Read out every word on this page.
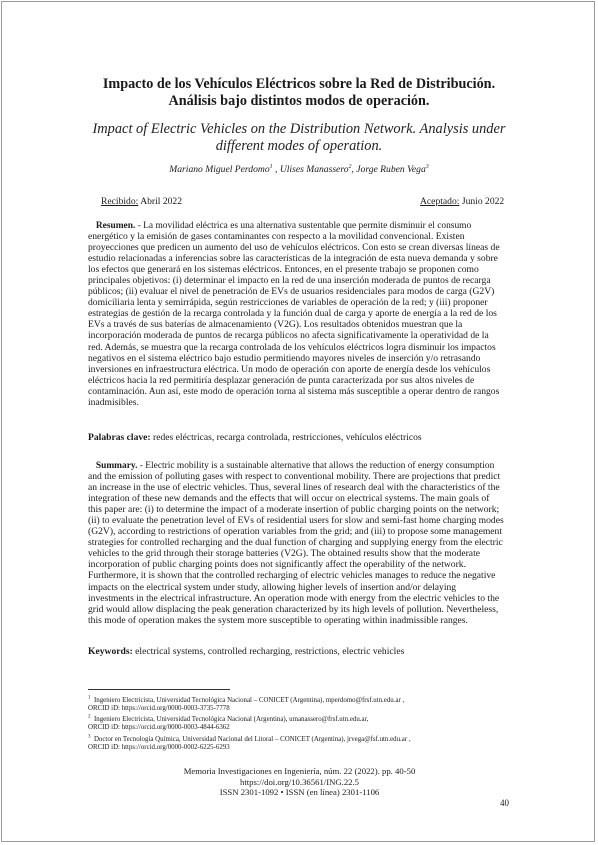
Impacto de los Vehículos Eléctricos sobre la Red de Distribución.
Análisis bajo distintos modos de operación.
Impact of Electric Vehicles on the Distribution Network. Analysis under
different modes of operation.
Mariano Miguel Perdomo$^1$ , Ulises Manassero$^2$, Jorge Ruben Vega$^3$
Recibido: Abril 2022	Aceptado: Junio 2022
Resumen. - La movilidad eléctrica es una alternativa sustentable que permite disminuir el consumo
energético y la emisión de gases contaminantes con respecto a la movilidad convencional. Existen
proyecciones que predicen un aumento del uso de vehículos eléctricos. Con esto se crean diversas líneas de
estudio relacionadas a inferencias sobre las características de la integración de esta nueva demanda y sobre
los efectos que generará en los sistemas eléctricos. Entonces, en el presente trabajo se proponen como
principales objetivos: (i) determinar el impacto en la red de una inserción moderada de puntos de recarga
públicos; (ii) evaluar el nivel de penetración de EVs de usuarios residenciales para modos de carga (G2V)
domiciliaria lenta y semirrápida, según restricciones de variables de operación de la red; y (iii) proponer
estrategias de gestión de la recarga controlada y la función dual de carga y aporte de energía a la red de los
EVs a través de sus baterías de almacenamiento (V2G). Los resultados obtenidos muestran que la
incorporación moderada de puntos de recarga públicos no afecta significativamente la operatividad de la
red. Además, se muestra que la recarga controlada de los vehículos eléctricos logra disminuir los impactos
negativos en el sistema eléctrico bajo estudio permitiendo mayores niveles de inserción y/o retrasando
inversiones en infraestructura eléctrica. Un modo de operación con aporte de energía desde los vehículos
eléctricos hacia la red permitiría desplazar generación de punta caracterizada por sus altos niveles de
contaminación. Aun así, este modo de operación torna al sistema más susceptible a operar dentro de rangos
inadmisibles.
Palabras clave: redes eléctricas, recarga controlada, restricciones, vehículos eléctricos
Summary. - Electric mobility is a sustainable alternative that allows the reduction of energy consumption
and the emission of polluting gases with respect to conventional mobility. There are projections that predict
an increase in the use of electric vehicles. Thus, several lines of research deal with the characteristics of the
integration of these new demands and the effects that will occur on electrical systems. The main goals of
this paper are: (i) to determine the impact of a moderate insertion of public charging points on the network;
(ii) to evaluate the penetration level of EVs of residential users for slow and semi-fast home charging modes
(G2V), according to restrictions of operation variables from the grid; and (iii) to propose some management
strategies for controlled recharging and the dual function of charging and supplying energy from the electric
vehicles to the grid through their storage batteries (V2G). The obtained results show that the moderate
incorporation of public charging points does not significantly affect the operability of the network.
Furthermore, it is shown that the controlled recharging of electric vehicles manages to reduce the negative
impacts on the electrical system under study, allowing higher levels of insertion and/or delaying
investments in the electrical infrastructure. An operation mode with energy from the electric vehicles to the
grid would allow displacing the peak generation characterized by its high levels of pollution. Nevertheless,
this mode of operation makes the system more susceptible to operating within inadmissible ranges.
Keywords: electrical systems, controlled recharging, restrictions, electric vehicles
$^1$ Ingeniero Electricista, Universidad Tecnológica Nacional – CONICET (Argentina), mperdomo@frsf.utn.edu.ar ,
ORCID iD: https://orcid.org/0000-0003-3735-7778
$^2$ Ingeniero Electricista, Universidad Tecnológica Nacional (Argentina), umanassero@frsf.utn.edu.ar,
ORCID iD: https://orcid.org/0000-0003-4844-6362
$^3$ Doctor en Tecnología Química, Universidad Nacional del Litoral – CONICET (Argentina), jrvega@fsf.utn.edu.ar ,
ORCID iD: https://orcid.org/0000-0002-6225-6293
Memoria Investigaciones en Ingeniería, núm. 22 (2022). pp. 40-50
https://doi.org/10.36561/ING.22.5
ISSN 2301-1092 • ISSN (en línea) 2301-1106
40
